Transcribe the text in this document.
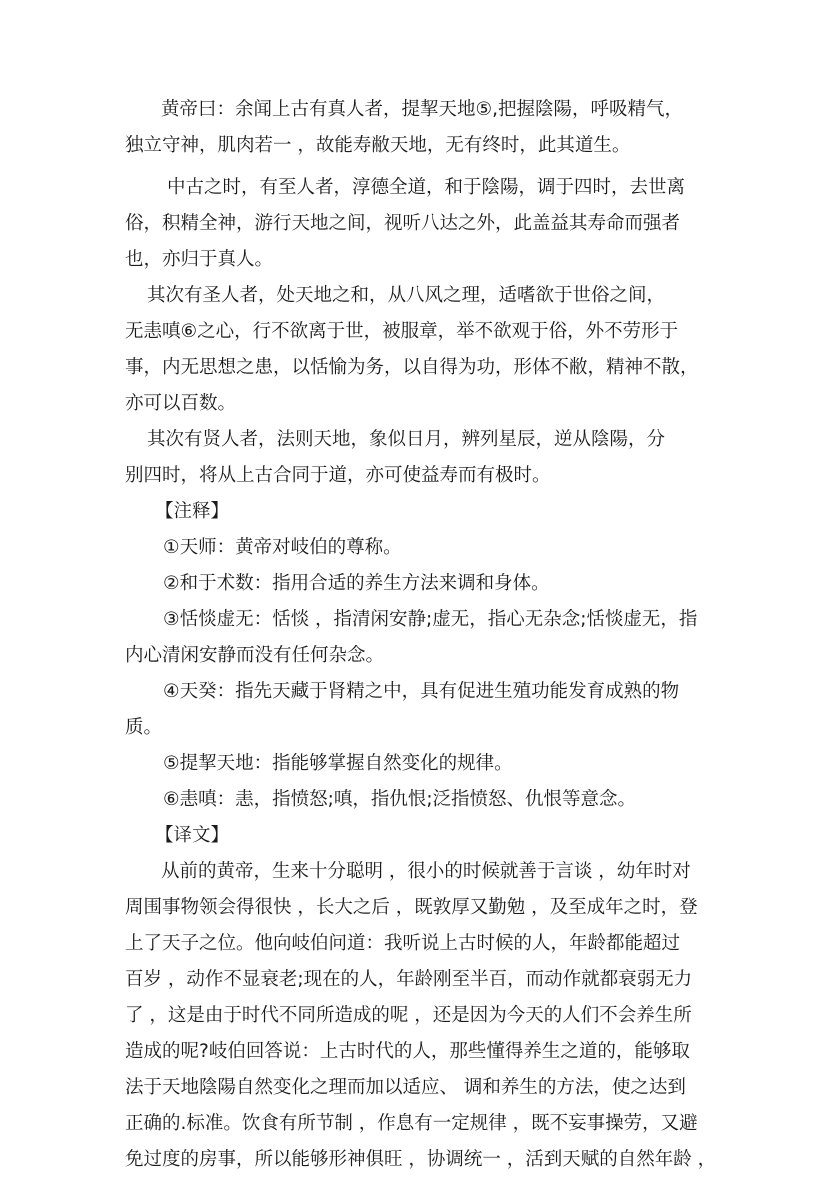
黄帝曰：余闻上古有真人者，提挈天地⑤,把握陰陽，呼吸精气，
独立守神，肌肉若一 ，故能寿敝天地，无有终时，此其道生。
中古之时，有至人者，淳德全道，和于陰陽，调于四时，去世离
俗，积精全神，游行天地之间，视听八达之外，此盖益其寿命而强者
也，亦归于真人。
其次有圣人者，处天地之和，从八风之理，适嗜欲于世俗之间，
无恚嗔⑥之心，行不欲离于世，被服章，举不欲观于俗，外不劳形于
事，内无思想之患，以恬愉为务，以自得为功，形体不敝，精神不散，
亦可以百数。
其次有贤人者，法则天地，象似日月，辨列星辰，逆从陰陽，分
别四时，将从上古合同于道，亦可使益寿而有极时。
【注释】
①天师：黄帝对岐伯的尊称。
②和于术数：指用合适的养生方法来调和身体。
③恬惔虚无：恬惔 ，指清闲安静;虚无，指心无杂念;恬惔虚无，指
内心清闲安静而没有任何杂念。
④天癸：指先天藏于肾精之中，具有促进生殖功能发育成熟的物
质。
⑤提挈天地：指能够掌握自然变化的规律。
⑥恚嗔：恚，指愤怒;嗔，指仇恨;泛指愤怒、仇恨等意念。
【译文】
从前的黄帝，生来十分聪明 ，很小的时候就善于言谈 ，幼年时对
周围事物领会得很快 ，长大之后 ，既敦厚又勤勉 ，及至成年之时，登
上了天子之位。他向岐伯问道：我听说上古时候的人，年龄都能超过
百岁 ，动作不显衰老;现在的人，年龄刚至半百，而动作就都衰弱无力
了 ，这是由于时代不同所造成的呢 ，还是因为今天的人们不会养生所
造成的呢?岐伯回答说：上古时代的人，那些懂得养生之道的，能够取
法于天地陰陽自然变化之理而加以适应、 调和养生的方法，使之达到
正确的.标准。饮食有所节制 ，作息有一定规律 ，既不妄事操劳，又避
免过度的房事，所以能够形神俱旺 ，协调统一 ，活到天赋的自然年龄 ，
